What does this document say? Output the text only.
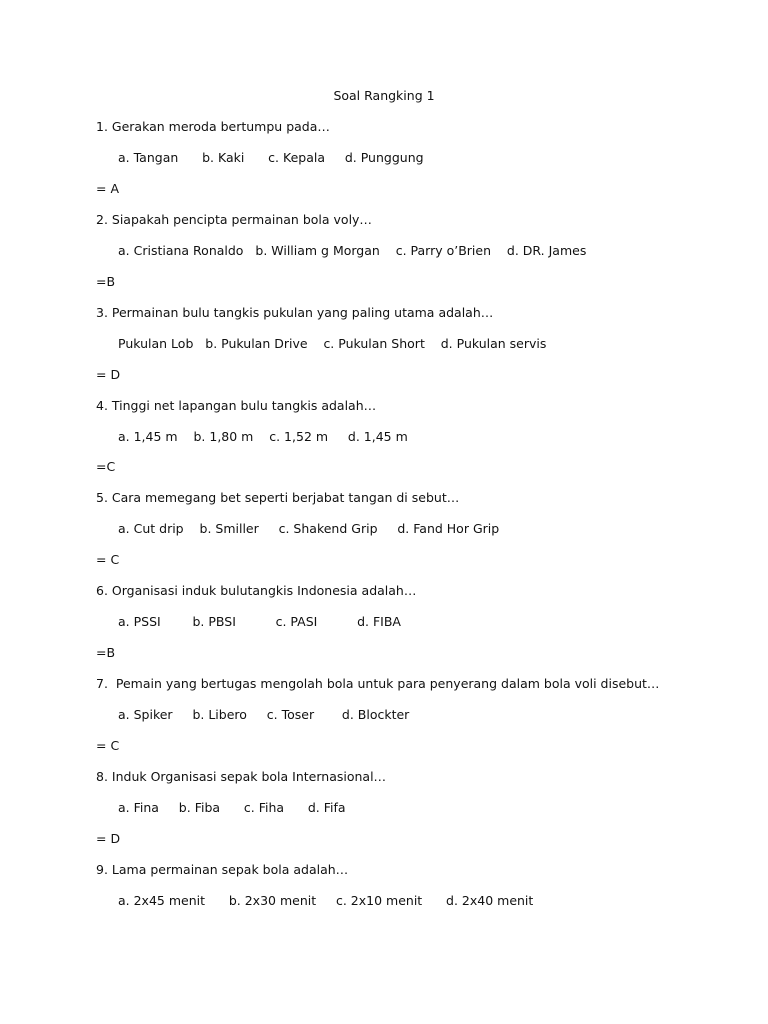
Soal Rangking 1
1. Gerakan meroda bertumpu pada…
a. Tangan      b. Kaki      c. Kepala     d. Punggung
= A
2. Siapakah pencipta permainan bola voly…
a. Cristiana Ronaldo   b. William g Morgan    c. Parry o’Brien    d. DR. James
=B
3. Permainan bulu tangkis pukulan yang paling utama adalah…
Pukulan Lob   b. Pukulan Drive    c. Pukulan Short    d. Pukulan servis
= D
4. Tinggi net lapangan bulu tangkis adalah…
a. 1,45 m    b. 1,80 m    c. 1,52 m     d. 1,45 m
=C
5. Cara memegang bet seperti berjabat tangan di sebut…
a. Cut drip    b. Smiller     c. Shakend Grip     d. Fand Hor Grip
= C
6. Organisasi induk bulutangkis Indonesia adalah…
a. PSSI        b. PBSI          c. PASI          d. FIBA
=B
7.  Pemain yang bertugas mengolah bola untuk para penyerang dalam bola voli disebut…
a. Spiker     b. Libero     c. Toser       d. Blockter
= C
8. Induk Organisasi sepak bola Internasional…
a. Fina     b. Fiba      c. Fiha      d. Fifa
= D
9. Lama permainan sepak bola adalah…
a. 2x45 menit      b. 2x30 menit     c. 2x10 menit      d. 2x40 menit
